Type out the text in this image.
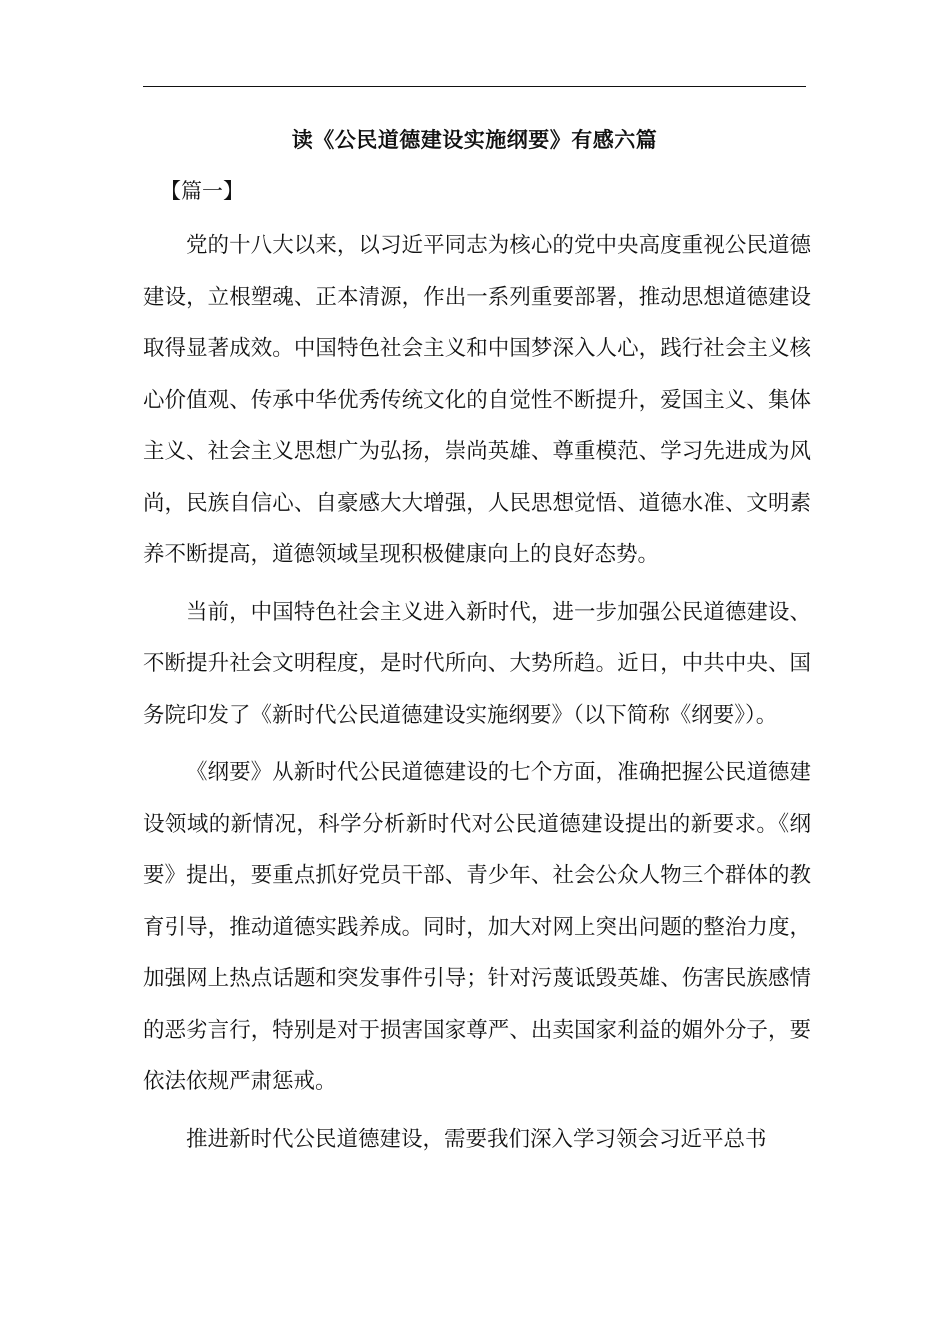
读《公民道德建设实施纲要》有感六篇
【篇一】

党的十八大以来，以习近平同志为核心的党中央高度重视公民道德建设，立根塑魂、正本清源，作出一系列重要部署，推动思想道德建设取得显著成效。中国特色社会主义和中国梦深入人心，践行社会主义核心价值观、传承中华优秀传统文化的自觉性不断提升，爱国主义、集体主义、社会主义思想广为弘扬，崇尚英雄、尊重模范、学习先进成为风尚，民族自信心、自豪感大大增强，人民思想觉悟、道德水准、文明素养不断提高，道德领域呈现积极健康向上的良好态势。

当前，中国特色社会主义进入新时代，进一步加强公民道德建设、不断提升社会文明程度，是时代所向、大势所趋。近日，中共中央、国务院印发了《新时代公民道德建设实施纲要》（以下简称《纲要》）。

《纲要》从新时代公民道德建设的七个方面，准确把握公民道德建设领域的新情况，科学分析新时代对公民道德建设提出的新要求。《纲要》提出，要重点抓好党员干部、青少年、社会公众人物三个群体的教育引导，推动道德实践养成。同时，加大对网上突出问题的整治力度，加强网上热点话题和突发事件引导；针对污蔑诋毁英雄、伤害民族感情的恶劣言行，特别是对于损害国家尊严、出卖国家利益的媚外分子，要依法依规严肃惩戒。

推进新时代公民道德建设，需要我们深入学习领会习近平总书
